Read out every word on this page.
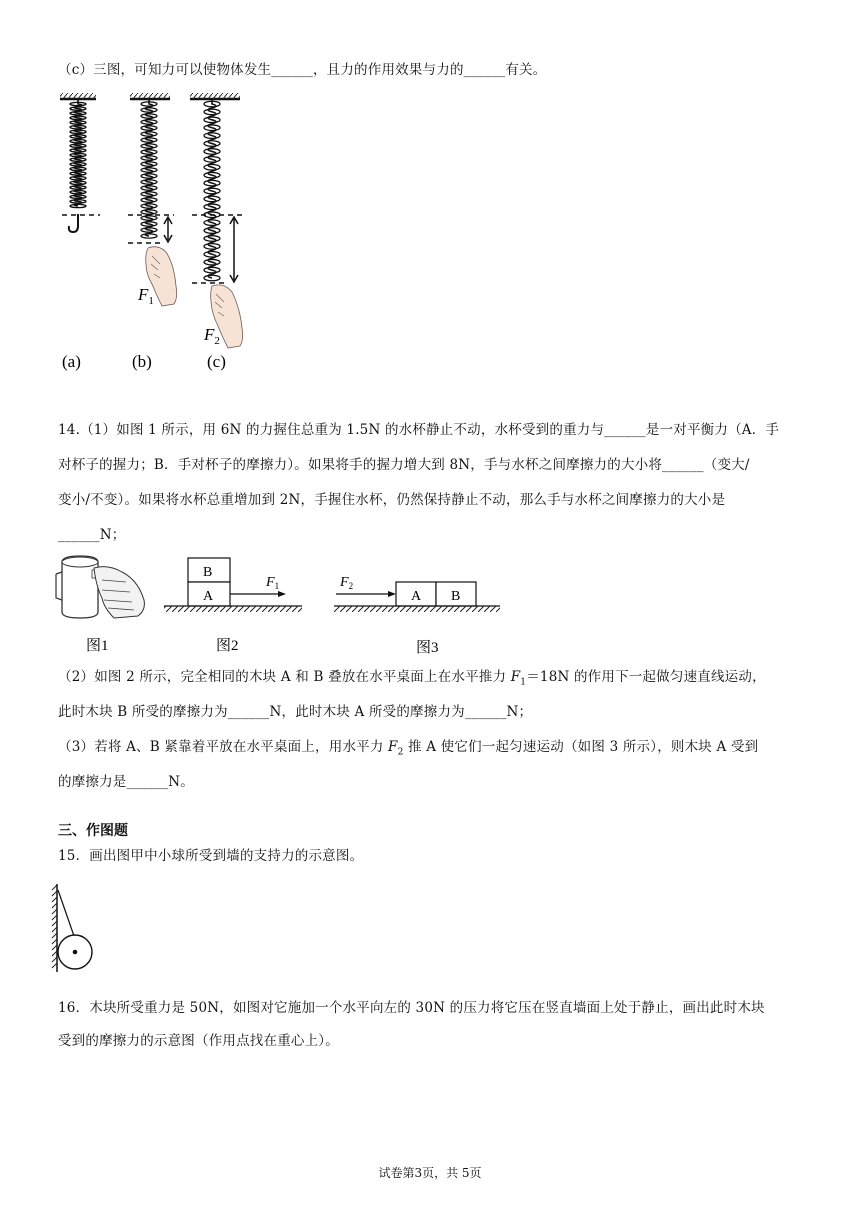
（c）三图，可知力可以使物体发生______，且力的作用效果与力的______有关。
$F_1$
$F_2$
(a)	(b)	(c)
14.（1）如图 1 所示，用 6N 的力握住总重为 1.5N 的水杯静止不动，水杯受到的重力与______是一对平衡力（A．手
对杯子的握力；B．手对杯子的摩擦力）。如果将手的握力增大到 8N，手与水杯之间摩擦力的大小将______（变大/
变小/不变）。如果将水杯总重增加到 2N，手握住水杯，仍然保持静止不动，那么手与水杯之间摩擦力的大小是
______N；
B
A
$F_1$	$F_2$
A B
图1	图2	图3
（2）如图 2 所示，完全相同的木块 A 和 B 叠放在水平桌面上在水平推力 $F_1=18N$ 的作用下一起做匀速直线运动，
此时木块 B 所受的摩擦力为______N，此时木块 A 所受的摩擦力为______N；
（3）若将 A、B 紧靠着平放在水平桌面上，用水平力 $F_2$ 推 A 使它们一起匀速运动（如图 3 所示），则木块 A 受到
的摩擦力是______N。
三、作图题
15．画出图甲中小球所受到墙的支持力的示意图。
16．木块所受重力是 50N，如图对它施加一个水平向左的 30N 的压力将它压在竖直墙面上处于静止，画出此时木块
受到的摩擦力的示意图（作用点找在重心上）。
试卷第3页，共 5页
